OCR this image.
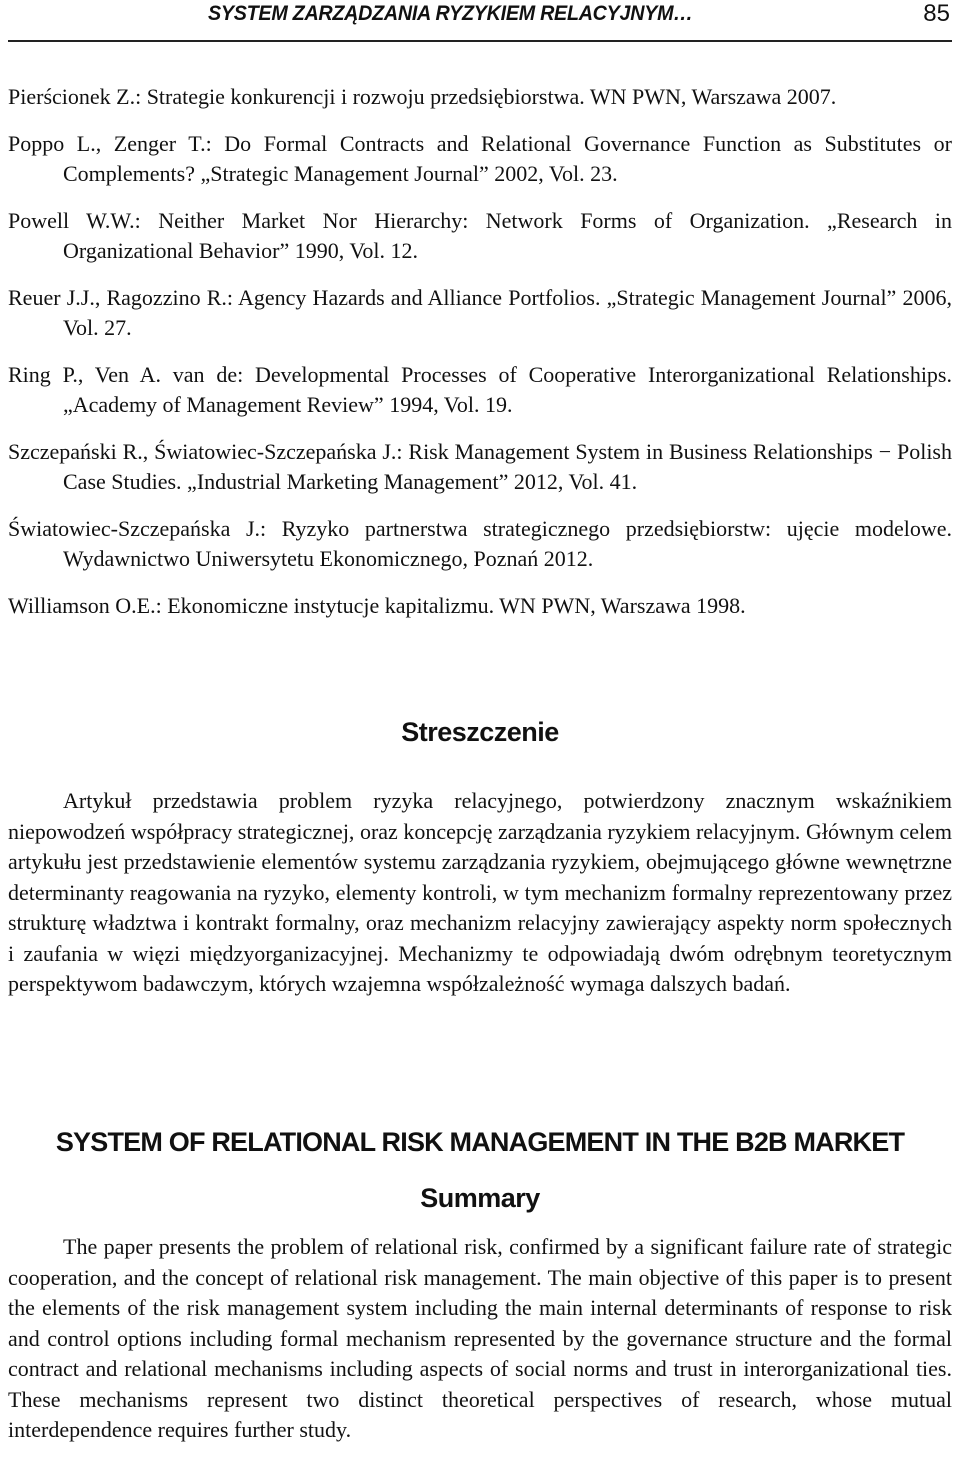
SYSTEM ZARZĄDZANIA RYZYKIEM RELACYJNYM…	85
Pierścionek Z.: Strategie konkurencji i rozwoju przedsiębiorstwa. WN PWN, Warszawa 2007.
Poppo L., Zenger T.: Do Formal Contracts and Relational Governance Function as Substitutes or Complements? „Strategic Management Journal” 2002, Vol. 23.
Powell W.W.: Neither Market Nor Hierarchy: Network Forms of Organization. „Research in Organizational Behavior” 1990, Vol. 12.
Reuer J.J., Ragozzino R.: Agency Hazards and Alliance Portfolios. „Strategic Management Journal” 2006, Vol. 27.
Ring P., Ven A. van de: Developmental Processes of Cooperative Interorganizational Relationships. „Academy of Management Review” 1994, Vol. 19.
Szczepański R., Światowiec-Szczepańska J.: Risk Management System in Business Relationships − Polish Case Studies. „Industrial Marketing Management” 2012, Vol. 41.
Światowiec-Szczepańska J.: Ryzyko partnerstwa strategicznego przedsiębiorstw: ujęcie modelowe. Wydawnictwo Uniwersytetu Ekonomicznego, Poznań 2012.
Williamson O.E.: Ekonomiczne instytucje kapitalizmu. WN PWN, Warszawa 1998.
Streszczenie

Artykuł przedstawia problem ryzyka relacyjnego, potwierdzony znacznym wskaźnikiem niepowodzeń współpracy strategicznej, oraz koncepcję zarządzania ryzykiem relacyjnym. Głównym celem artykułu jest przedstawienie elementów systemu zarządzania ryzykiem, obejmującego główne wewnętrzne determinanty reagowania na ryzyko, elementy kontroli, w tym mechanizm formalny reprezentowany przez strukturę władztwa i kontrakt formalny, oraz mechanizm relacyjny zawierający aspekty norm społecznych i zaufania w więzi międzyorganizacyjnej. Mechanizmy te odpowiadają dwóm odrębnym teoretycznym perspektywom badawczym, których wzajemna współzależność wymaga dalszych badań.

SYSTEM OF RELATIONAL RISK MANAGEMENT IN THE B2B MARKET
Summary

The paper presents the problem of relational risk, confirmed by a significant failure rate of strategic cooperation, and the concept of relational risk management. The main objective of this paper is to present the elements of the risk management system including the main internal determinants of response to risk and control options including formal mechanism represented by the governance structure and the formal contract and relational mechanisms including aspects of social norms and trust in interorganizational ties. These mechanisms represent two distinct theoretical perspectives of research, whose mutual interdependence requires further study.
